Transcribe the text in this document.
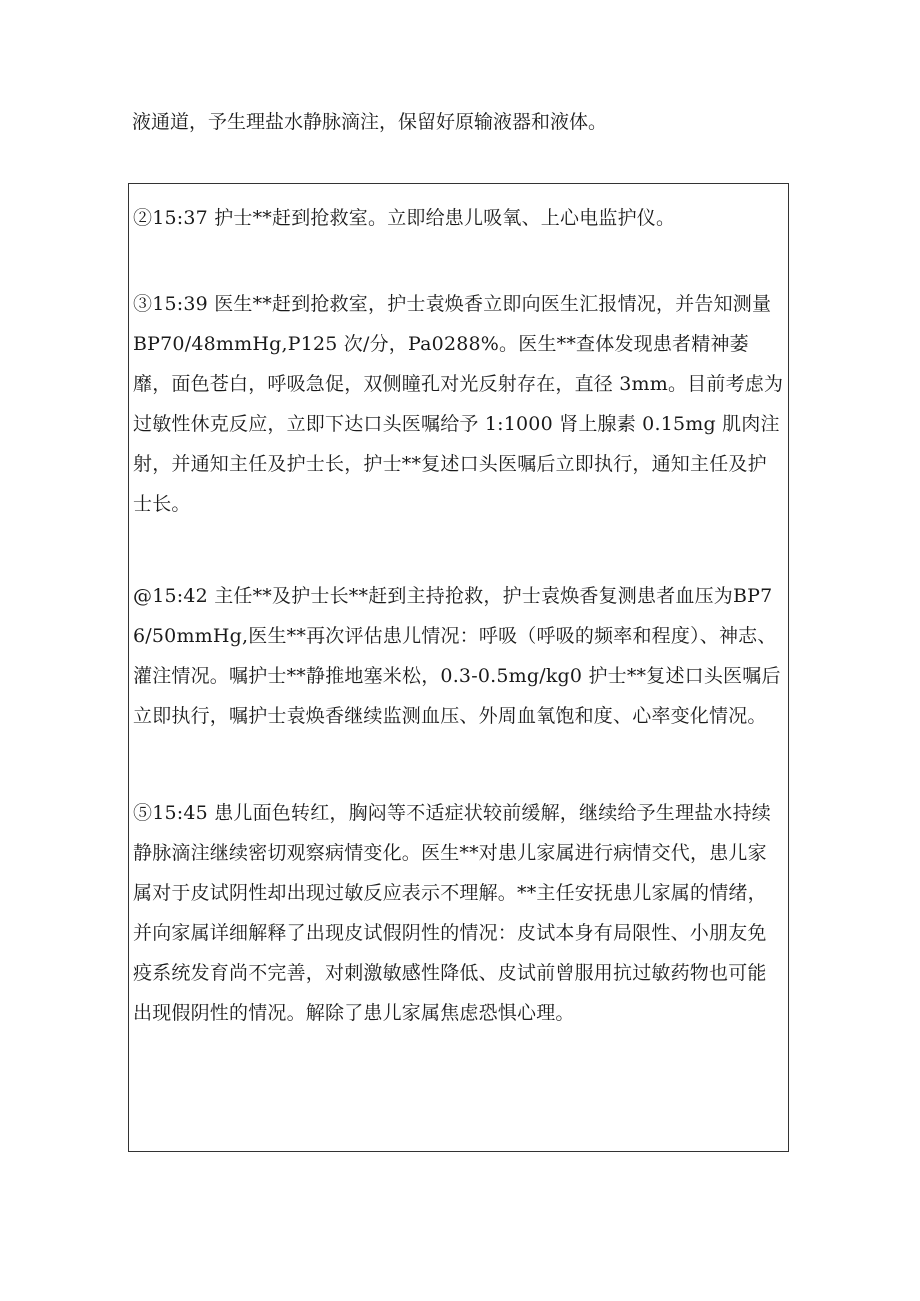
液通道，予生理盐水静脉滴注，保留好原输液器和液体。

②15:37 护士**赶到抢救室。立即给患儿吸氧、上心电监护仪。

③15:39 医生**赶到抢救室，护士袁焕香立即向医生汇报情况，并告知测量BP70∕48mmHg,P125 次/分，Pa0288%。医生**查体发现患者精神萎靡，面色苍白，呼吸急促，双侧瞳孔对光反射存在，直径 3mm。目前考虑为过敏性休克反应，立即下达口头医嘱给予 1:1000 肾上腺素 0.15mg 肌肉注射，并通知主任及护士长，护士**复述口头医嘱后立即执行，通知主任及护士长。

@15:42 主任**及护士长**赶到主持抢救，护士袁焕香复测患者血压为BP76∕50mmHg,医生**再次评估患儿情况：呼吸（呼吸的频率和程度）、神志、灌注情况。嘱护士**静推地塞米松，0.3-0.5mg∕kg0 护士**复述口头医嘱后立即执行，嘱护士袁焕香继续监测血压、外周血氧饱和度、心率变化情况。

⑤15:45 患儿面色转红，胸闷等不适症状较前缓解，继续给予生理盐水持续静脉滴注继续密切观察病情变化。医生**对患儿家属进行病情交代，患儿家属对于皮试阴性却出现过敏反应表示不理解。**主任安抚患儿家属的情绪，并向家属详细解释了出现皮试假阴性的情况：皮试本身有局限性、小朋友免疫系统发育尚不完善，对刺激敏感性降低、皮试前曾服用抗过敏药物也可能出现假阴性的情况。解除了患儿家属焦虑恐惧心理。
